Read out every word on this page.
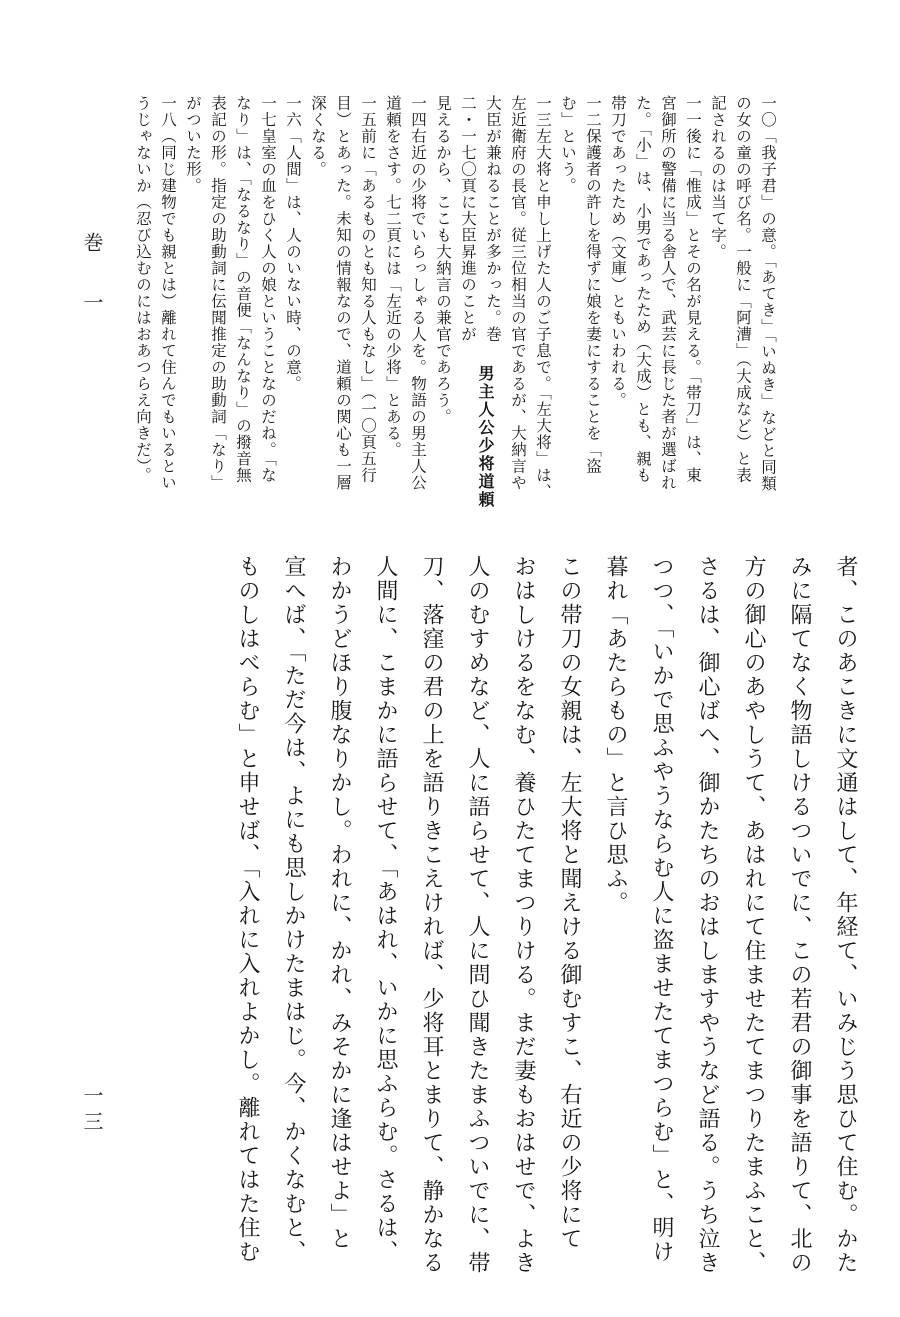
者、このあこきに文通はして、年経て、いみじう思ひて住む。かた
みに隔てなく物語しけるついでに、この若君の御事を語りて、北の
方の御心のあやしうて、あはれにて住ませたてまつりたまふこと、
さるは、御心ばへ、御かたちのおはしますやうなど語る。うち泣き
つつ、「いかで思ふやうならむ人に盗ませたてまつらむ」と、明け
暮れ「あたらもの」と言ひ思ふ。
この帯刀の女親は、左大将と聞えける御むすこ、右近の少将にて
おはしけるをなむ、養ひたてまつりける。まだ妻もおはせで、よき
人のむすめなど、人に語らせて、人に問ひ聞きたまふついでに、帯
刀、落窪の君の上を語りきこえければ、少将耳とまりて、静かなる
人間に、こまかに語らせて、「あはれ、いかに思ふらむ。さるは、
わかうどほり腹なりかし。われに、かれ、みそかに逢はせよ」と
宣へば、「ただ今は、よにも思しかけたまはじ。今、かくなむと、
ものしはべらむ」と申せば、「入れに入れよかし。離れてはた住む
男主人公少将道頼	一〇「我子君」の意。「あてき」「いぬき」などと同類
の女の童の呼び名。一般に「阿漕」（大成など）と表
記されるのは当て字。
一一後に「惟成」とその名が見える。「帯刀」は、東
宮御所の警備に当る舎人で、武芸に長じた者が選ばれ
た。「小」は、小男であったため（大成）とも、親も
帯刀であったため（文庫）ともいわれる。
一二保護者の許しを得ずに娘を妻にすることを「盗
む」という。
一三左大将と申し上げた人のご子息で。「左大将」は、
左近衛府の長官。従三位相当の官であるが、大納言や
大臣が兼ねることが多かった。巻
二・一七〇頁に大臣昇進のことが
見えるから、ここも大納言の兼官であろう。
一四右近の少将でいらっしゃる人を。物語の男主人公
道頼をさす。七二頁には「左近の少将」とある。
一五前に「あるものとも知る人もなし」（一〇頁五行
目）とあった。未知の情報なので、道頼の関心も一層
深くなる。
一六「人間」は、人のいない時、の意。
一七皇室の血をひく人の娘ということなのだね。「な
なり」は、「なるなり」の音便「なんなり」の撥音無
表記の形。指定の助動詞に伝聞推定の助動詞「なり」
がついた形。
一八（同じ建物でも親とは）離れて住んでもいるとい
うじゃないか（忍び込むのにはおあつらえ向きだ）。
巻一
一三
